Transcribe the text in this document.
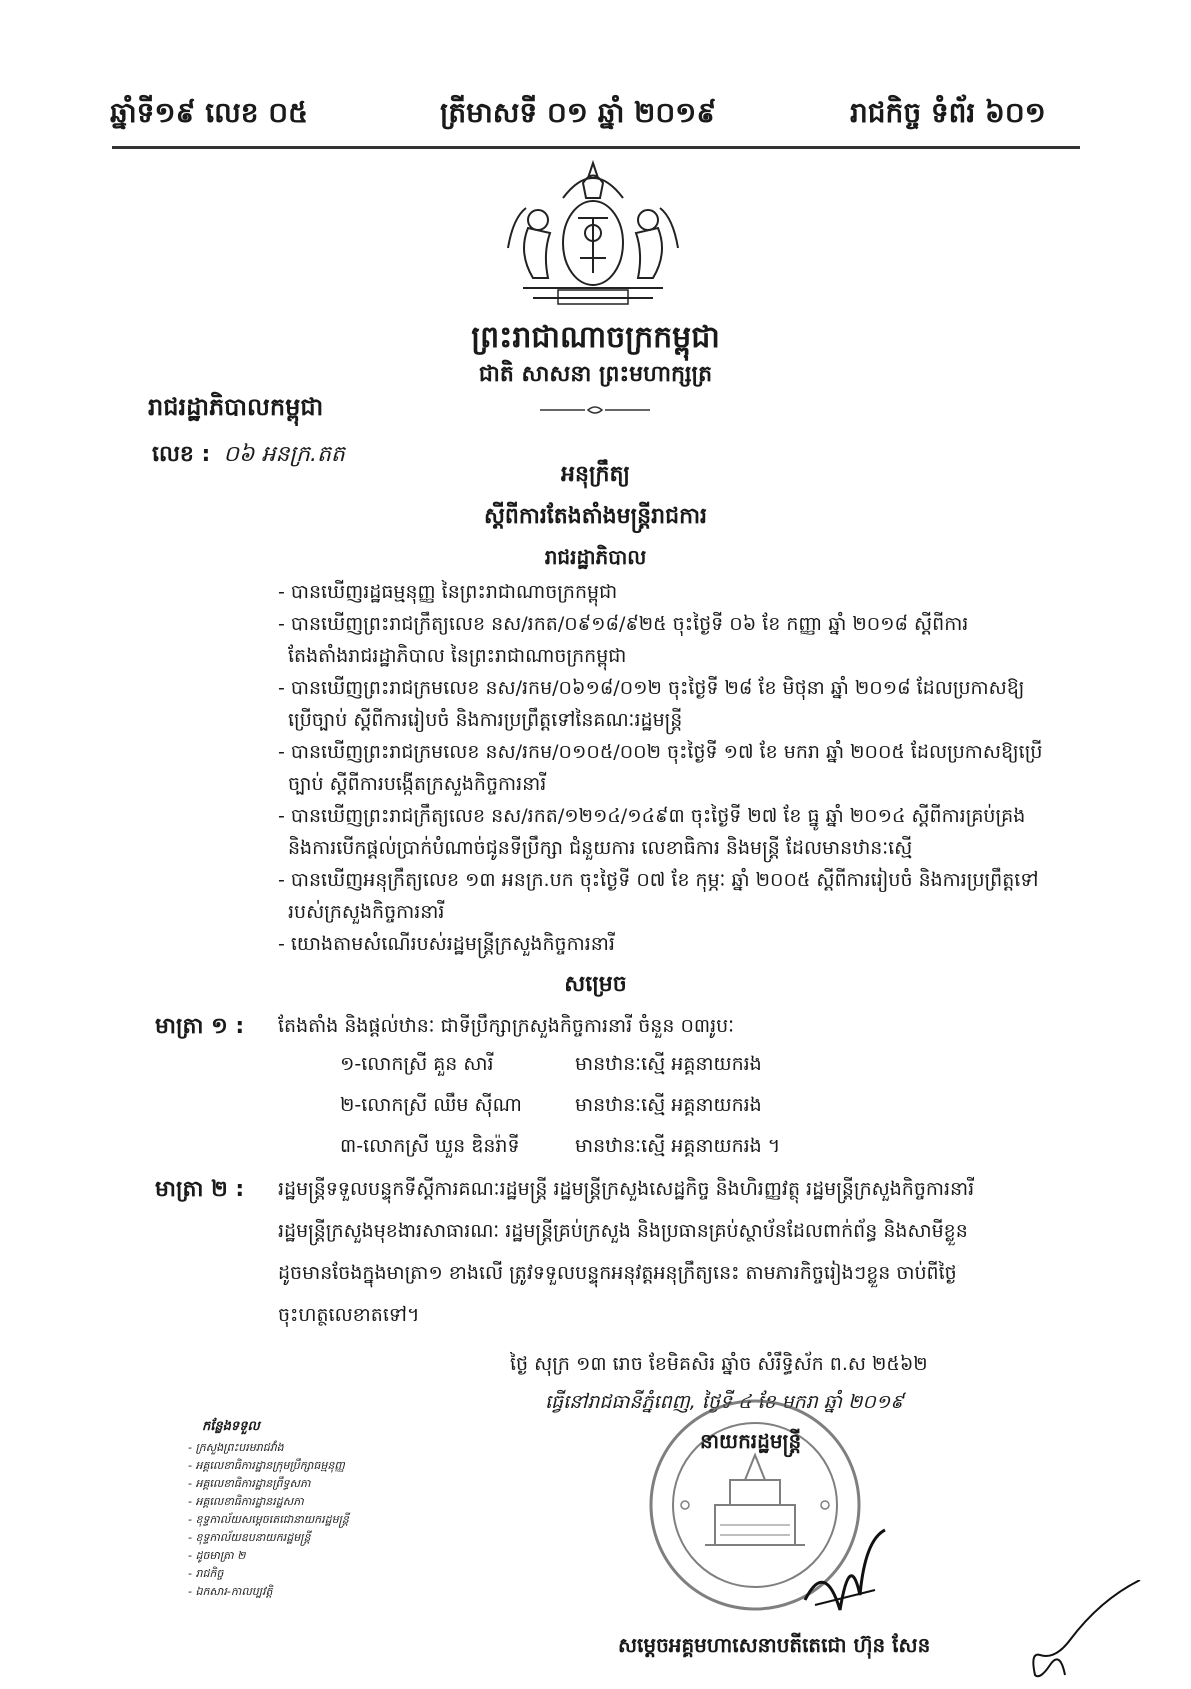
ឆ្នាំទី១៩ លេខ ០៥	ត្រីមាសទី ០១ ឆ្នាំ ២០១៩	រាជកិច្ច ទំព័រ ៦០១
ព្រះរាជាណាចក្រកម្ពុជា
ជាតិ សាសនា ព្រះមហាក្សត្រ
រាជរដ្ឋាភិបាលកម្ពុជា
លេខ : ០៦ អនក្រ.តត
អនុក្រឹត្យ
ស្ដីពីការតែងតាំងមន្ត្រីរាជការ
រាជរដ្ឋាភិបាល
- បានឃើញរដ្ឋធម្មនុញ្ញ នៃព្រះរាជាណាចក្រកម្ពុជា
- បានឃើញព្រះរាជក្រឹត្យលេខ នស/រកត/០៩១៨/៩២៥ ចុះថ្ងៃទី ០៦ ខែ កញ្ញា ឆ្នាំ ២០១៨ ស្ដីពីការ
តែងតាំងរាជរដ្ឋាភិបាល នៃព្រះរាជាណាចក្រកម្ពុជា
- បានឃើញព្រះរាជក្រមលេខ នស/រកម/០៦១៨/០១២ ចុះថ្ងៃទី ២៨ ខែ មិថុនា ឆ្នាំ ២០១៨ ដែលប្រកាសឱ្យ
ប្រើច្បាប់ ស្ដីពីការរៀបចំ និងការប្រព្រឹត្តទៅនៃគណៈរដ្ឋមន្ត្រី
- បានឃើញព្រះរាជក្រមលេខ នស/រកម/០១០៥/០០២ ចុះថ្ងៃទី ១៧ ខែ មករា ឆ្នាំ ២០០៥ ដែលប្រកាសឱ្យប្រើ
ច្បាប់ ស្ដីពីការបង្កើតក្រសួងកិច្ចការនារី
- បានឃើញព្រះរាជក្រឹត្យលេខ នស/រកត/១២១៤/១៤៩៣ ចុះថ្ងៃទី ២៧ ខែ ធ្នូ ឆ្នាំ ២០១៤ ស្ដីពីការគ្រប់គ្រង
និងការបើកផ្ដល់ប្រាក់បំណាច់ជូនទីប្រឹក្សា ជំនួយការ លេខាធិការ និងមន្ត្រី ដែលមានឋានៈស្មើ
- បានឃើញអនុក្រឹត្យលេខ ១៣ អនក្រ.បក ចុះថ្ងៃទី ០៧ ខែ កុម្ភៈ ឆ្នាំ ២០០៥ ស្ដីពីការរៀបចំ និងការប្រព្រឹត្តទៅ
របស់ក្រសួងកិច្ចការនារី
- យោងតាមសំណើរបស់រដ្ឋមន្ត្រីក្រសួងកិច្ចការនារី
សម្រេច
មាត្រា ១ : តែងតាំង និងផ្ដល់ឋានៈ ជាទីប្រឹក្សាក្រសួងកិច្ចការនារី ចំនួន ០៣រូបៈ
១-លោកស្រី គួន សារី	មានឋានៈស្មើ អគ្គនាយករង
២-លោកស្រី ឈឹម ស៊ីណា	មានឋានៈស្មើ អគ្គនាយករង
៣-លោកស្រី ឃួន ឌិនរ៉ាទី	មានឋានៈស្មើ អគ្គនាយករង ។
មាត្រា ២ : រដ្ឋមន្ត្រីទទួលបន្ទុកទីស្ដីការគណៈរដ្ឋមន្ត្រី រដ្ឋមន្ត្រីក្រសួងសេដ្ឋកិច្ច និងហិរញ្ញវត្ថុ រដ្ឋមន្ត្រីក្រសួងកិច្ចការនារី
រដ្ឋមន្ត្រីក្រសួងមុខងារសាធារណៈ រដ្ឋមន្ត្រីគ្រប់ក្រសួង និងប្រធានគ្រប់ស្ថាប័នដែលពាក់ព័ន្ធ និងសាមីខ្លួន
ដូចមានចែងក្នុងមាត្រា១ ខាងលើ ត្រូវទទួលបន្ទុកអនុវត្តអនុក្រឹត្យនេះ តាមភារកិច្ចរៀងៗខ្លួន ចាប់ពីថ្ងៃ
ចុះហត្ថលេខាតទៅ។
ថ្ងៃ សុក្រ ១៣ រោច ខែមិគសិរ ឆ្នាំច សំរឹទ្ធិស័ក ព.ស ២៥៦២
ធ្វើនៅរាជធានីភ្នំពេញ, ថ្ងៃទី ៤ ខែ មករា ឆ្នាំ ២០១៩
កន្លែងទទួល
- ក្រសួងព្រះបរមរាជវាំង
- អគ្គលេខាធិការដ្ឋានក្រុមប្រឹក្សាធម្មនុញ្ញ
- អគ្គលេខាធិការដ្ឋានព្រឹទ្ធសភា
- អគ្គលេខាធិការដ្ឋានរដ្ឋសភា
- ខុទ្ទកាល័យសម្ដេចតេជោនាយករដ្ឋមន្ត្រី
- ខុទ្ទកាល័យឧបនាយករដ្ឋមន្ត្រី
- ដូចមាត្រា ២
- រាជកិច្ច
- ឯកសារ-កាលប្បវត្តិ
នាយករដ្ឋមន្ត្រី
សម្ដេចអគ្គមហាសេនាបតីតេជោ ហ៊ុន សែន
